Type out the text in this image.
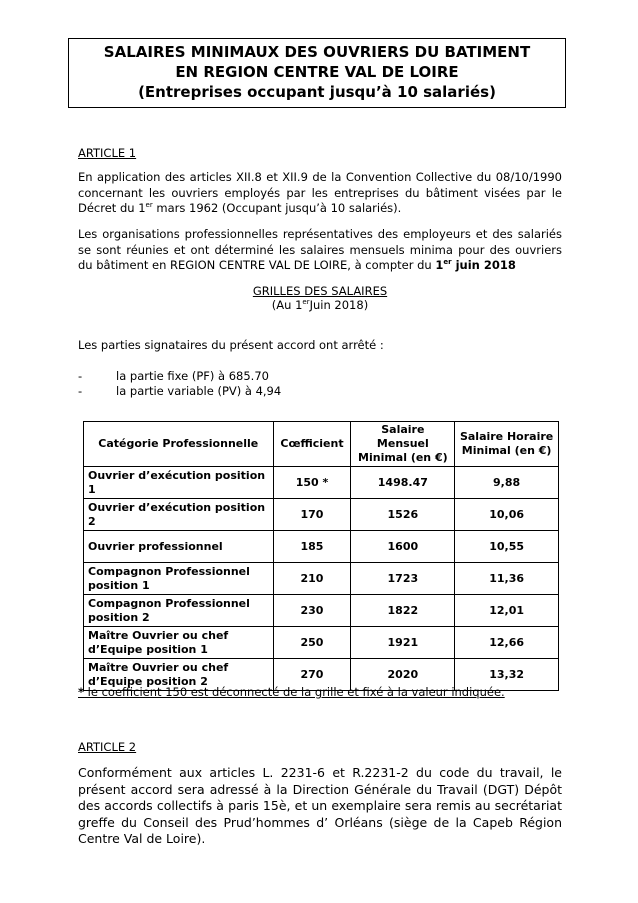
SALAIRES MINIMAUX DES OUVRIERS DU BATIMENT
EN REGION CENTRE VAL DE LOIRE
(Entreprises occupant jusqu’à 10 salariés)
ARTICLE 1
En application des articles XII.8 et XII.9 de la Convention Collective du 08/10/1990 concernant les ouvriers employés par les entreprises du bâtiment visées par le Décret du 1er mars 1962 (Occupant jusqu’à 10 salariés).
Les organisations professionnelles représentatives des employeurs et des salariés se sont réunies et ont déterminé les salaires mensuels minima pour des ouvriers du bâtiment en REGION CENTRE VAL DE LOIRE, à compter du 1er juin 2018
GRILLES DES SALAIRES
(Au 1erJuin 2018)
Les parties signataires du présent accord ont arrêté :
-	la partie fixe (PF) à 685.70
-	la partie variable (PV) à 4,94
Catégorie Professionnelle	Cœfficient	Salaire Mensuel Minimal (en €)	Salaire Horaire Minimal (en €)
Ouvrier d’exécution position 1	150 *	1498.47	9,88
Ouvrier d’exécution position 2	170	1526	10,06
Ouvrier professionnel	185	1600	10,55
Compagnon Professionnel position 1	210	1723	11,36
Compagnon Professionnel position 2	230	1822	12,01
Maître Ouvrier ou chef d’Equipe position 1	250	1921	12,66
Maître Ouvrier ou chef d’Equipe position 2	270	2020	13,32
* le coefficient 150 est déconnecté de la grille et fixé à la valeur indiquée.
ARTICLE 2
Conformément aux articles L. 2231-6 et R.2231-2 du code du travail, le présent accord sera adressé à la Direction Générale du Travail (DGT) Dépôt des accords collectifs à paris 15è, et un exemplaire sera remis au secrétariat greffe du Conseil des Prud’hommes d’ Orléans (siège de la Capeb Région Centre Val de Loire).
